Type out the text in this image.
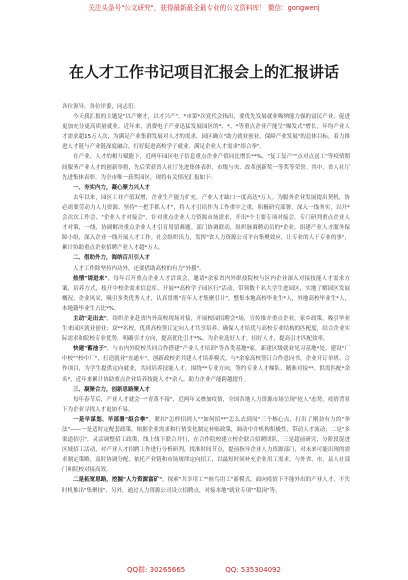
关注头条号"公文研究"，获得最新最全最专业的公文资料库！ 微信：gongwenj
在人才工作书记项目汇报会上的汇报讲话

各位领导，各位评委，同志们：

今天我汇报的主题是"以产聚才，以才兴产"。*市第*次党代会指出，要优先发展就业吸纳能力强的富民产业，促进更加充分更高质量就业。近年来，消费电子产业迅猛发展园区的*、*、*等重点企业产能呈"爆发式"增长，年均产业人才需求超15万人次，为满足产业集群发展对人才的需求，园区确立"助力就业创业，保障产业发展"的总体目标，着力推进人才链与产业链深度融合，打好促进高校学子就业、满足企业人才需求"组合拳"。

在产业、人才的相互赋能下，近两年园区电子信息重点企业产值同比增长**%，"复工复产""点对点送工"等疫情期间服务产业人才的创新举措，先后荣获省人社厅先进集体表彰，市级与央、改革创新奖一等奖等荣誉。其中，省人社厅先进集体表彰。为全市唯一获奖园区。现将有关情况汇报如下：

一、夯实内力，凝心聚力兴人才

去年以来，园区工业产值双增，企业生产能力扩充，产业人才缺口一度高达*万人。为服务企业发展提出契机，协必需要劳动力人力资源。坚持"一把手抓人才"，将人才引培作为工作重中之重，积极研究部署，深入一线务实，以开*会次次工作会、"企业人才对接会"，针对重点企业人力资源市场需求，开出*个主要专项对接会，专门研判重点企业人才对策，一线，协调解决重点企业人才引育用留难题。部门协调联动，组织脉调聘动员的*企业，组建产业人才服务保障小组，深入企业一线开展人才工作。社会组织出力，发挥"省人力资源公司平台集聚效应，让专业的人干专业的事"，累计协助重点企业招聘产业人才超*万人。

二、借助外力，海纳百川引人才

人才工作除坚持内功外，还要借助高校的有力"外援"。

热情"请进来"，每年召开重点企业人才洽谈会，邀请*余家省内外职技院校与区内企业深入对接技能人才需求方案，培养方式，枝开中校企需求信息库，开展**高校学子园区行"活动，带领数千名大学生进园区，实地了解园区发展概况、企业风采，吸引多类优秀人才，认真贯彻"育年人才集聚引计"，整集本地高校毕业生*人，外地高校毕业生*人，本地籍毕业生占比*%。

主动"走出去"，组织企业赴省内外高校现场对接，开展校园招聘会*场，宣传推介重点企业，家乡政策，吸引毕业生来园区就业创业；双**名校、优质高校签订定向人才共享培养、确保人才培优与高校专业结构的匹配度，结合企业实际需求和院校专业优势，明确引才方向，提高优化引才*%，为企业选好人才，招好人才，提高引才匹配效率。

快建"蓄池子"，与市内外院校共同合作搭建"产业人才培训"等各类基地*家，新建区级就业见习基地*处，建设"厂中校""校中厂"，打造就业"直通车"，创新政校企共建人才培养模式，与*余家高校签订合作意向书，企业开订单班、合作项目，为学生提供定向就业，共同培养技能人才，围绕**专业方向，签约专业人才梯队、精准对接**、供需匹配*余名*，近年来累计协助重点企业培养技能人才*余人，助力企业产能跨越提升。

三、凝聚合力，创新思路聚人才

每年春节后，产业人才就会一"青黄不接"，近两年又叠加疫情，全国各地人力资源市场呈现"抢人"态势，疫情背景下为企业寻找人才更加不易。

一是早谋划、早部署"组合拳"。紧扣"怎样招到人""如何招**"怎么去到岗"三个核心点，打出了刚劲有力的"拳法"——一是适时定配套政策，根据企业需求和行情变化制定补贴政策，调动中介机构积极性，带动人才流动；二是"多渠道招引"，灵活调整招工政策，线上线下联合并行，在合作院校建立校企联合招聘团队，三是超前研究，分阶段促进区域招工活动，对产业人才招聘工作进行分析研判，找准时间节点，提前指导企业人力资源部门，对未来可能出现的需求制定策略，及时协调分配，依托产业链和市场规律定向招工，以最短时间补充企业用工需求，与外省、市、县人社部门和院校对接高效。

二是拓宽思路，挖掘"人力资源富矿"，探索"共享用工""候鸟用工"新模式，面向疫情下不能外出的产业人才，不失时机推出"集聚技"、另外，通过人力资源公司设立招聘点，对接本地"就业专项""稳岗"等。

QQ群: 30265665	QQ: 535304092
